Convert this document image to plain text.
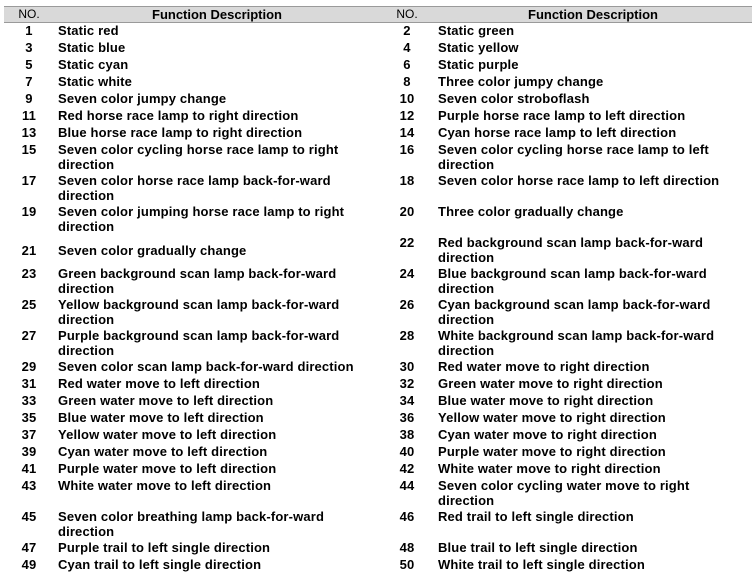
NO.	Function Description	NO.	Function Description
1	Static red	2	Static green
3	Static blue	4	Static yellow
5	Static cyan	6	Static purple
7	Static white	8	Three color jumpy change
9	Seven color jumpy change	10	Seven color stroboflash
11	Red horse race lamp to right direction	12	Purple horse race lamp to left direction
13	Blue horse race lamp to right direction	14	Cyan horse race lamp to left direction
15	Seven color cycling horse race lamp to right direction	16	Seven color cycling horse race lamp to left direction
17	Seven color horse race lamp back-for-ward direction	18	Seven color horse race lamp to left direction
19	Seven color jumping horse race lamp to right direction	20	Three color gradually change
21	Seven color gradually change	22	Red background scan lamp back-for-ward direction
23	Green background scan lamp back-for-ward direction	24	Blue background scan lamp back-for-ward direction
25	Yellow background scan lamp back-for-ward direction	26	Cyan background scan lamp back-for-ward direction
27	Purple background scan lamp back-for-ward direction	28	White background scan lamp back-for-ward direction
29	Seven color scan lamp back-for-ward direction	30	Red water move to right direction
31	Red water move to left direction	32	Green water move to right direction
33	Green water move to left direction	34	Blue water move to right direction
35	Blue water move to left direction	36	Yellow water move to right direction
37	Yellow water move to left direction	38	Cyan water move to right direction
39	Cyan water move to left direction	40	Purple water move to right direction
41	Purple water move to left direction	42	White water move to right direction
43	White water move to left direction	44	Seven color cycling water move to right direction
45	Seven color breathing lamp back-for-ward direction	46	Red trail to left single direction
47	Purple trail to left single direction	48	Blue trail to left single direction
49	Cyan trail to left single direction	50	White trail to left single direction
